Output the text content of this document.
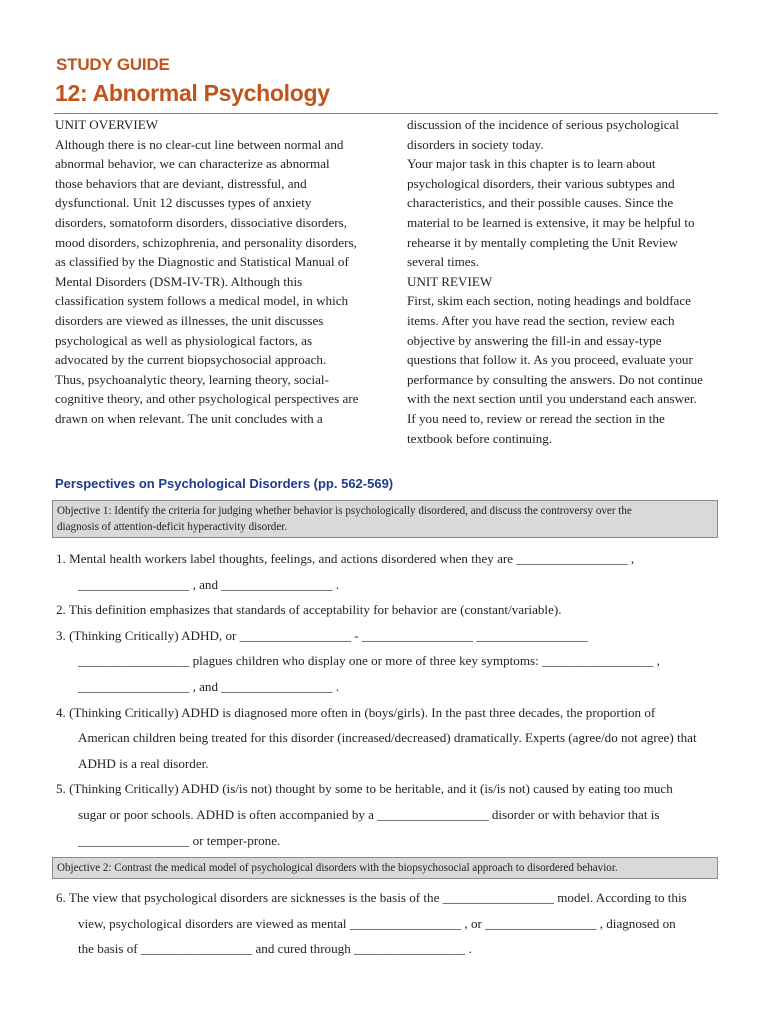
STUDY GUIDE
12: Abnormal Psychology
UNIT OVERVIEW
Although there is no clear-cut line between normal and
abnormal behavior, we can characterize as abnormal
those behaviors that are deviant, distressful, and
dysfunctional. Unit 12 discusses types of anxiety
disorders, somatoform disorders, dissociative disorders,
mood disorders, schizophrenia, and personality disorders,
as classified by the Diagnostic and Statistical Manual of
Mental Disorders (DSM-IV-TR). Although this
classification system follows a medical model, in which
disorders are viewed as illnesses, the unit discusses
psychological as well as physiological factors, as
advocated by the current biopsychosocial approach.
Thus, psychoanalytic theory, learning theory, social-
cognitive theory, and other psychological perspectives are
drawn on when relevant. The unit concludes with a
discussion of the incidence of serious psychological
disorders in society today.
Your major task in this chapter is to learn about
psychological disorders, their various subtypes and
characteristics, and their possible causes. Since the
material to be learned is extensive, it may be helpful to
rehearse it by mentally completing the Unit Review
several times.
UNIT REVIEW
First, skim each section, noting headings and boldface
items. After you have read the section, review each
objective by answering the fill-in and essay-type
questions that follow it. As you proceed, evaluate your
performance by consulting the answers. Do not continue
with the next section until you understand each answer.
If you need to, review or reread the section in the
textbook before continuing.
Perspectives on Psychological Disorders (pp. 562-569)
Objective 1: Identify the criteria for judging whether behavior is psychologically disordered, and discuss the controversy over the
diagnosis of attention-deficit hyperactivity disorder.
1. Mental health workers label thoughts, feelings, and actions disordered when they are _________________ ,
_________________ , and _________________ .
2. This definition emphasizes that standards of acceptability for behavior are (constant/variable).
3. (Thinking Critically) ADHD, or _________________ - _________________ _________________
_________________ plagues children who display one or more of three key symptoms: _________________ ,
_________________ , and _________________ .
4. (Thinking Critically) ADHD is diagnosed more often in (boys/girls). In the past three decades, the proportion of
American children being treated for this disorder (increased/decreased) dramatically. Experts (agree/do not agree) that
ADHD is a real disorder.
5. (Thinking Critically) ADHD (is/is not) thought by some to be heritable, and it (is/is not) caused by eating too much
sugar or poor schools. ADHD is often accompanied by a _________________ disorder or with behavior that is
_________________ or temper-prone.
Objective 2: Contrast the medical model of psychological disorders with the biopsychosocial approach to disordered behavior.
6. The view that psychological disorders are sicknesses is the basis of the _________________ model. According to this
view, psychological disorders are viewed as mental _________________ , or _________________ , diagnosed on
the basis of _________________ and cured through _________________ .
